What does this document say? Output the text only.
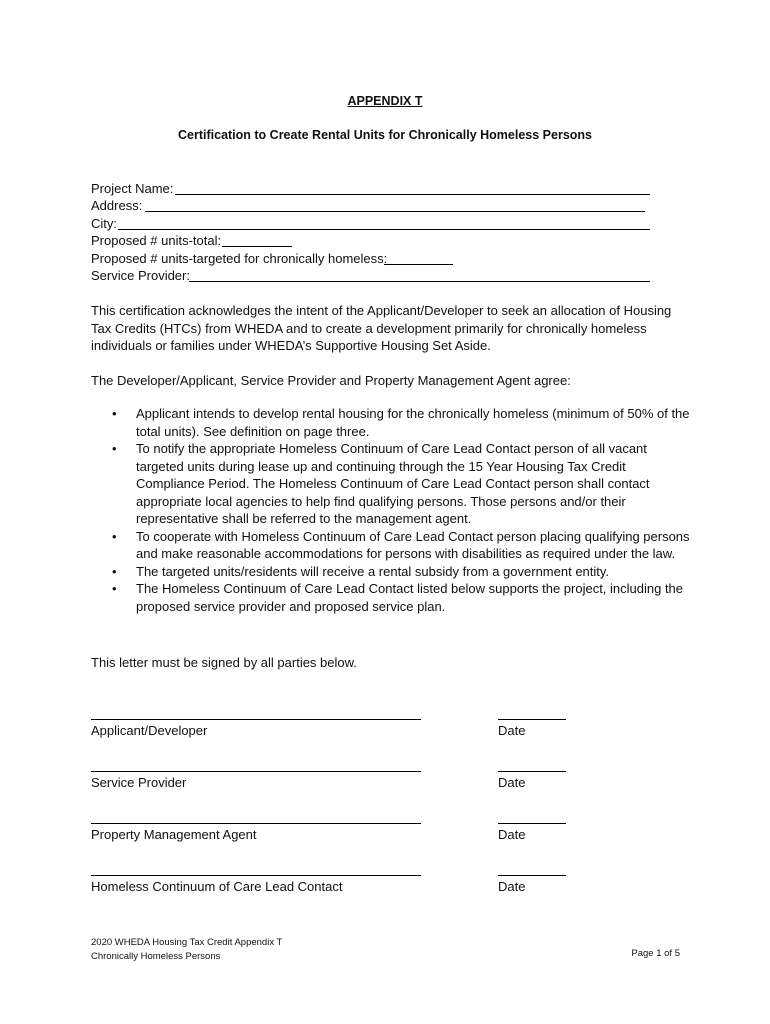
APPENDIX T
Certification to Create Rental Units for Chronically Homeless Persons
Project Name:
Address:
City:
Proposed # units-total:
Proposed # units-targeted for chronically homeless:
Service Provider:
This certification acknowledges the intent of the Applicant/Developer to seek an allocation of Housing Tax Credits (HTCs) from WHEDA and to create a development primarily for chronically homeless individuals or families under WHEDA’s Supportive Housing Set Aside.
The Developer/Applicant, Service Provider and Property Management Agent agree:
• Applicant intends to develop rental housing for the chronically homeless (minimum of 50% of the total units). See definition on page three.
• To notify the appropriate Homeless Continuum of Care Lead Contact person of all vacant targeted units during lease up and continuing through the 15 Year Housing Tax Credit Compliance Period. The Homeless Continuum of Care Lead Contact person shall contact appropriate local agencies to help find qualifying persons. Those persons and/or their representative shall be referred to the management agent.
• To cooperate with Homeless Continuum of Care Lead Contact person placing qualifying persons and make reasonable accommodations for persons with disabilities as required under the law.
• The targeted units/residents will receive a rental subsidy from a government entity.
• The Homeless Continuum of Care Lead Contact listed below supports the project, including the proposed service provider and proposed service plan.
This letter must be signed by all parties below.
Applicant/Developer	Date
Service Provider	Date
Property Management Agent	Date
Homeless Continuum of Care Lead Contact	Date
2020 WHEDA Housing Tax Credit Appendix T
Chronically Homeless Persons	Page 1 of 5
